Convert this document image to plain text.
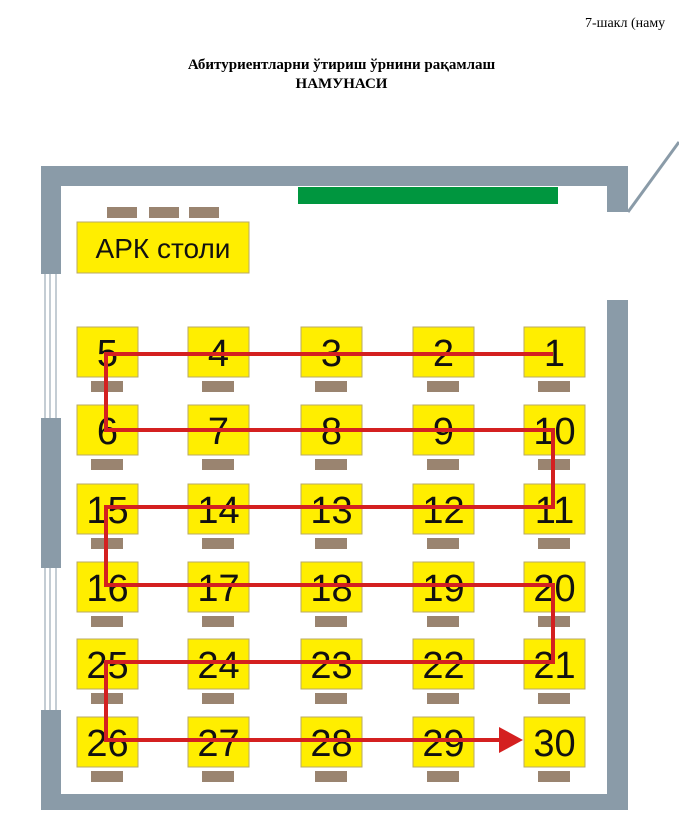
7-шакл (наму
Абитуриентларни ўтириш ўрнини рақамлаш
НАМУНАСИ
АРК столи
5 4 3 2 1
6 7 8 9 10
15 14 13 12 11
16 17 18 19 20
25 24 23 22 21
26 27 28 29 30
